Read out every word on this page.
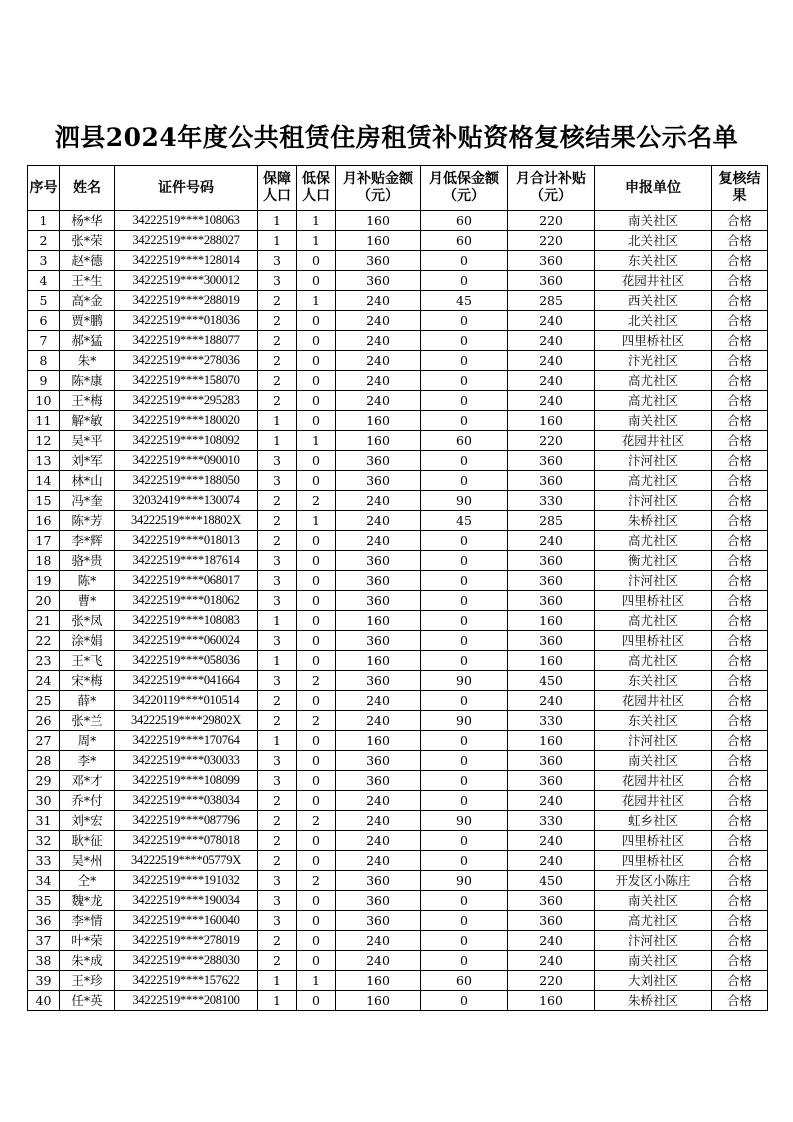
泗县2024年度公共租赁住房租赁补贴资格复核结果公示名单
序号	姓名	证件号码	保障人口	低保人口	月补贴金额（元）	月低保金额（元）	月合计补贴（元）	申报单位	复核结果
1	杨*华	34222519****108063	1	1	160	60	220	南关社区	合格
2	张*荣	34222519****288027	1	1	160	60	220	北关社区	合格
3	赵*德	34222519****128014	3	0	360	0	360	东关社区	合格
4	王*生	34222519****300012	3	0	360	0	360	花园井社区	合格
5	高*金	34222519****288019	2	1	240	45	285	西关社区	合格
6	贾*鹏	34222519****018036	2	0	240	0	240	北关社区	合格
7	郝*猛	34222519****188077	2	0	240	0	240	四里桥社区	合格
8	朱*	34222519****278036	2	0	240	0	240	汴光社区	合格
9	陈*康	34222519****158070	2	0	240	0	240	高尤社区	合格
10	王*梅	34222519****295283	2	0	240	0	240	高尤社区	合格
11	解*敏	34222519****180020	1	0	160	0	160	南关社区	合格
12	吴*平	34222519****108092	1	1	160	60	220	花园井社区	合格
13	刘*军	34222519****090010	3	0	360	0	360	汴河社区	合格
14	林*山	34222519****188050	3	0	360	0	360	高尤社区	合格
15	冯*奎	32032419****130074	2	2	240	90	330	汴河社区	合格
16	陈*芳	34222519****18802X	2	1	240	45	285	朱桥社区	合格
17	李*辉	34222519****018013	2	0	240	0	240	高尤社区	合格
18	骆*贵	34222519****187614	3	0	360	0	360	衡尤社区	合格
19	陈*	34222519****068017	3	0	360	0	360	汴河社区	合格
20	曹*	34222519****018062	3	0	360	0	360	四里桥社区	合格
21	张*凤	34222519****108083	1	0	160	0	160	高尤社区	合格
22	涂*娟	34222519****060024	3	0	360	0	360	四里桥社区	合格
23	王*飞	34222519****058036	1	0	160	0	160	高尤社区	合格
24	宋*梅	34222519****041664	3	2	360	90	450	东关社区	合格
25	薛*	34220119****010514	2	0	240	0	240	花园井社区	合格
26	张*兰	34222519****29802X	2	2	240	90	330	东关社区	合格
27	周*	34222519****170764	1	0	160	0	160	汴河社区	合格
28	李*	34222519****030033	3	0	360	0	360	南关社区	合格
29	邓*才	34222519****108099	3	0	360	0	360	花园井社区	合格
30	乔*付	34222519****038034	2	0	240	0	240	花园井社区	合格
31	刘*宏	34222519****087796	2	2	240	90	330	虹乡社区	合格
32	耿*征	34222519****078018	2	0	240	0	240	四里桥社区	合格
33	吴*州	34222519****05779X	2	0	240	0	240	四里桥社区	合格
34	仝*	34222519****191032	3	2	360	90	450	开发区小陈庄	合格
35	魏*龙	34222519****190034	3	0	360	0	360	南关社区	合格
36	李*情	34222519****160040	3	0	360	0	360	高尤社区	合格
37	叶*荣	34222519****278019	2	0	240	0	240	汴河社区	合格
38	朱*成	34222519****288030	2	0	240	0	240	南关社区	合格
39	王*珍	34222519****157622	1	1	160	60	220	大刘社区	合格
40	任*英	34222519****208100	1	0	160	0	160	朱桥社区	合格
